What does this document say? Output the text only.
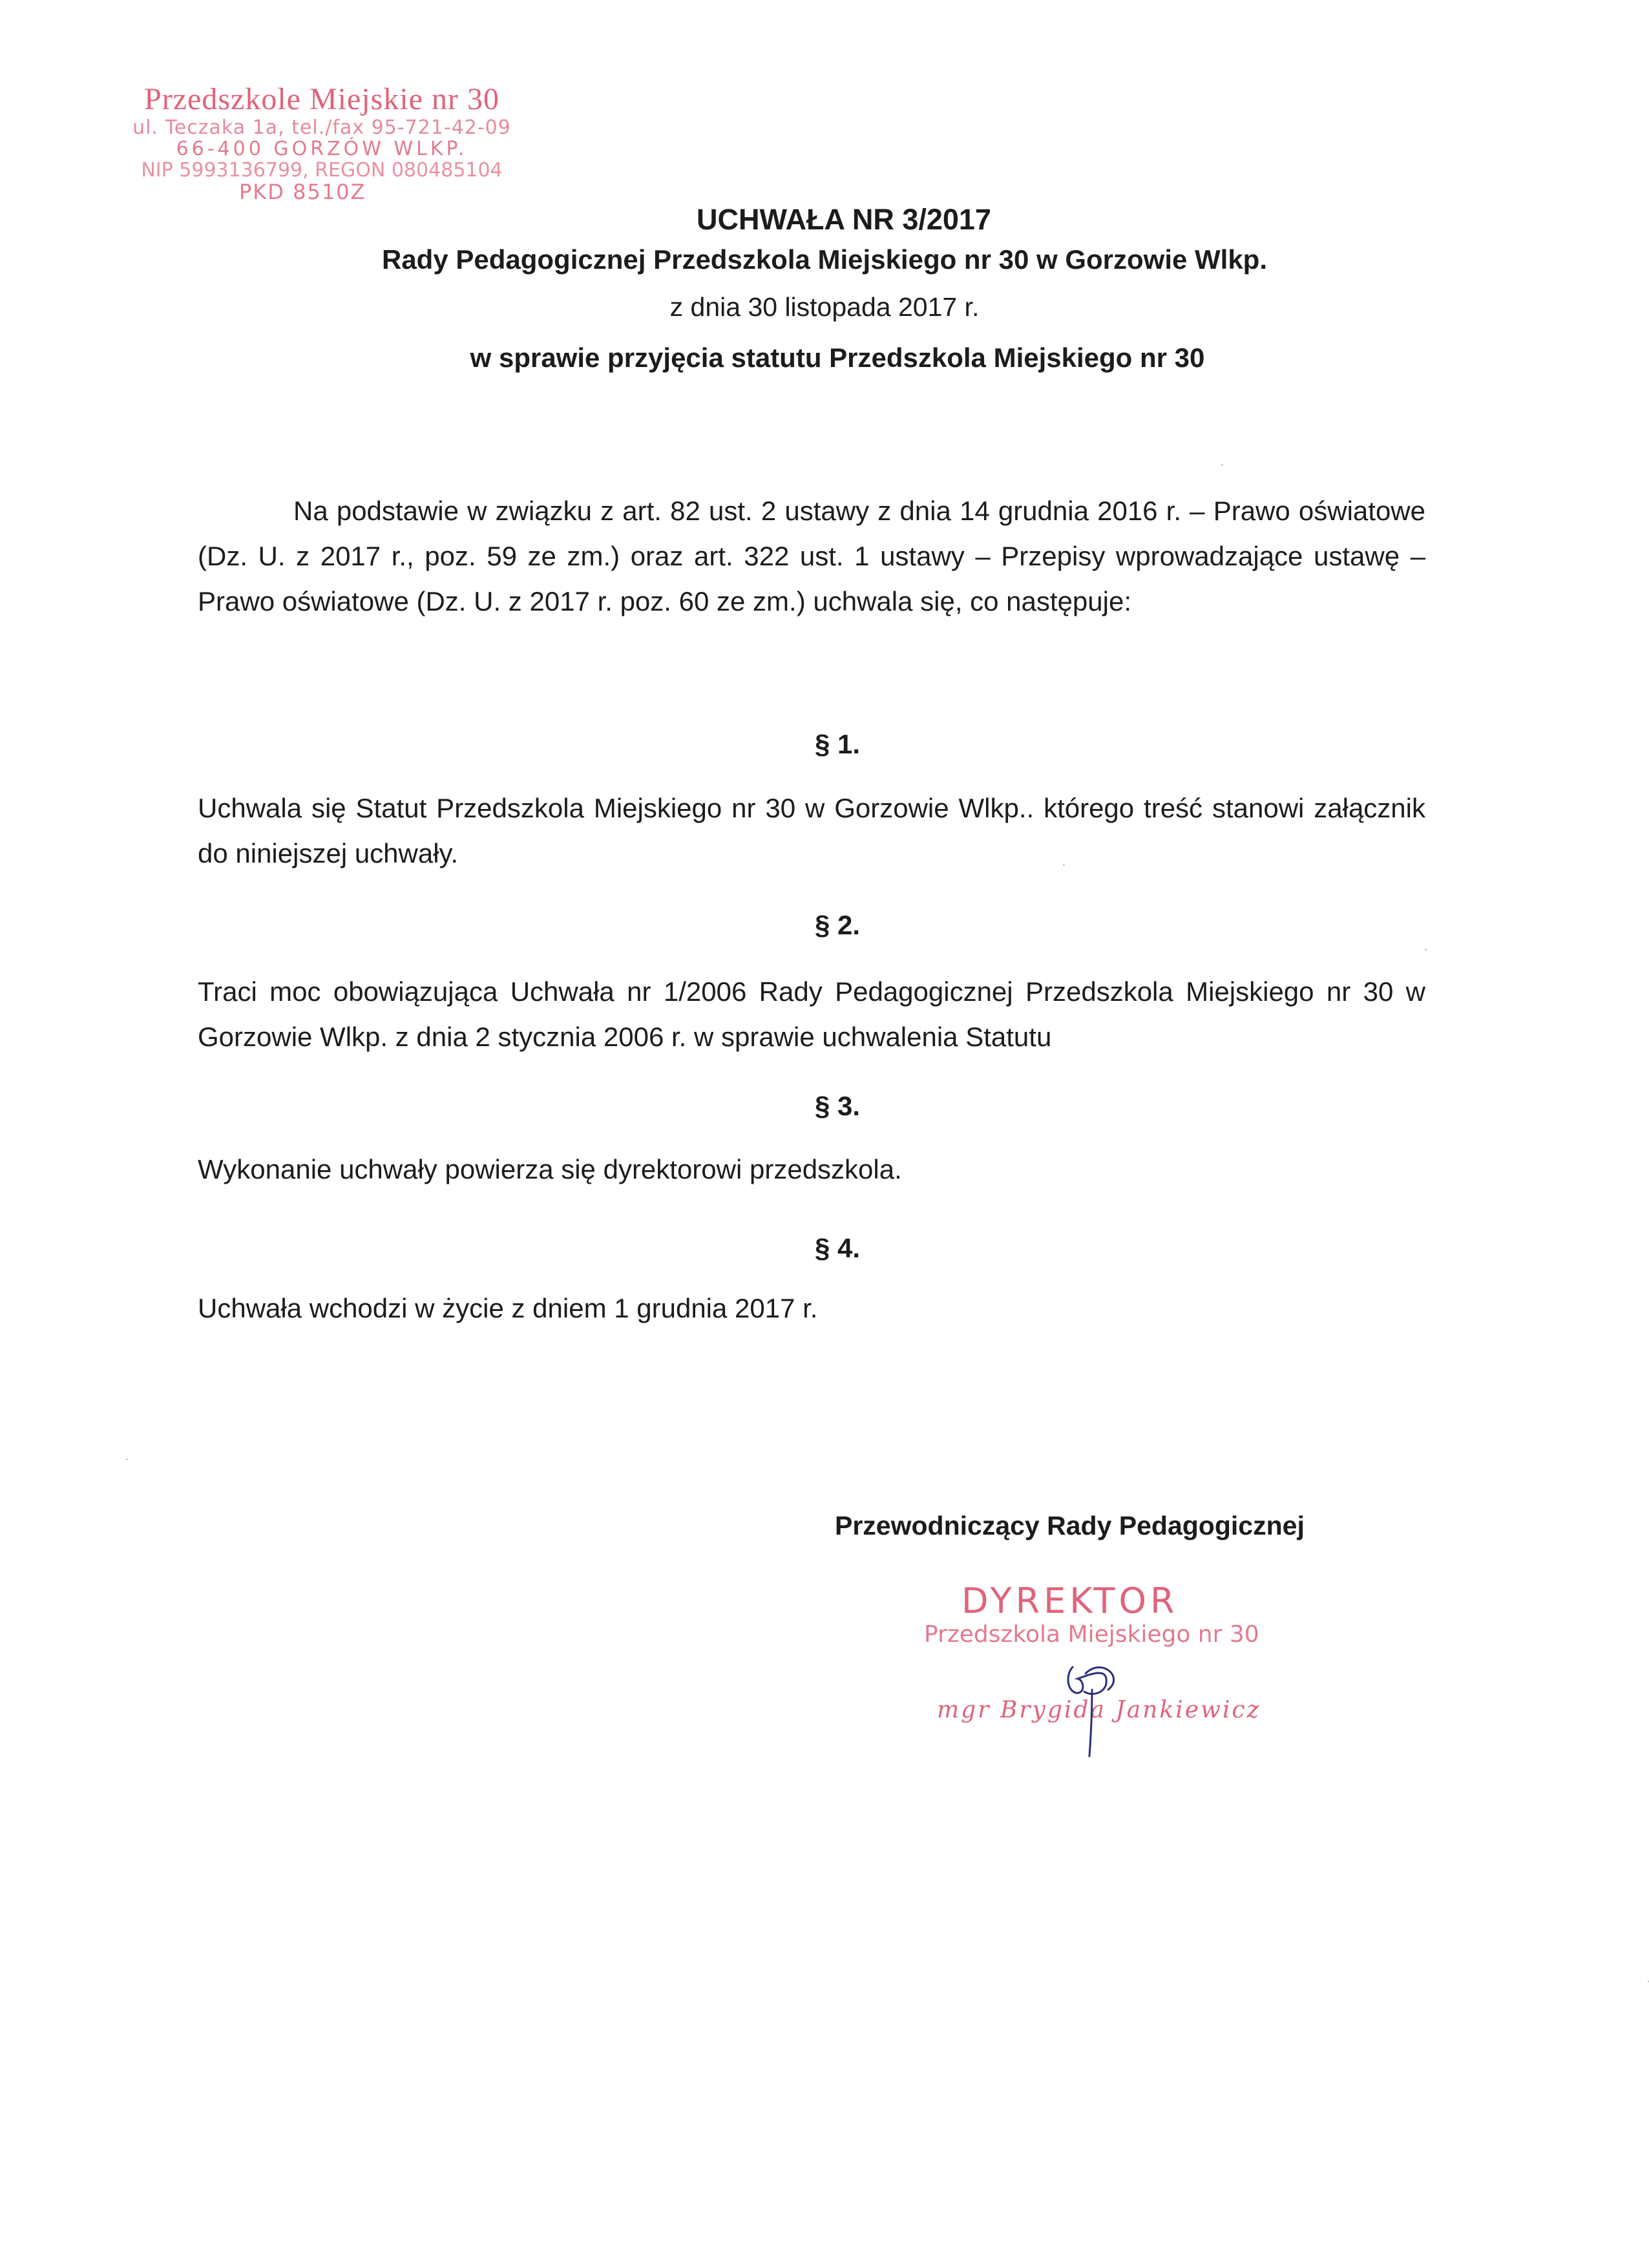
Przedszkole Miejskie nr 30
ul. Teczaka 1a, tel./fax 95-721-42-09
66-400 GORZÓW WLKP.
NIP 5993136799, REGON 080485104
PKD 8510Z
UCHWAŁA NR 3/2017
Rady Pedagogicznej Przedszkola Miejskiego nr 30 w Gorzowie Wlkp.
z dnia 30 listopada 2017 r.
w sprawie przyjęcia statutu Przedszkola Miejskiego nr 30
Na podstawie w związku z art. 82 ust. 2 ustawy z dnia 14 grudnia 2016 r. – Prawo oświatowe (Dz. U. z 2017 r., poz. 59 ze zm.) oraz art. 322 ust. 1 ustawy – Przepisy wprowadzające ustawę – Prawo oświatowe (Dz. U. z 2017 r. poz. 60 ze zm.) uchwala się, co następuje:
§ 1.
Uchwala się Statut Przedszkola Miejskiego nr 30 w Gorzowie Wlkp.. którego treść stanowi załącznik do niniejszej uchwały.
§ 2.
Traci moc obowiązująca Uchwała nr 1/2006 Rady Pedagogicznej Przedszkola Miejskiego nr 30 w Gorzowie Wlkp. z dnia 2 stycznia 2006 r. w sprawie uchwalenia Statutu
§ 3.
Wykonanie uchwały powierza się dyrektorowi przedszkola.
§ 4.
Uchwała wchodzi w życie z dniem 1 grudnia 2017 r.
Przewodniczący Rady Pedagogicznej
DYREKTOR
Przedszkola Miejskiego nr 30
mgr Brygida Jankiewicz
